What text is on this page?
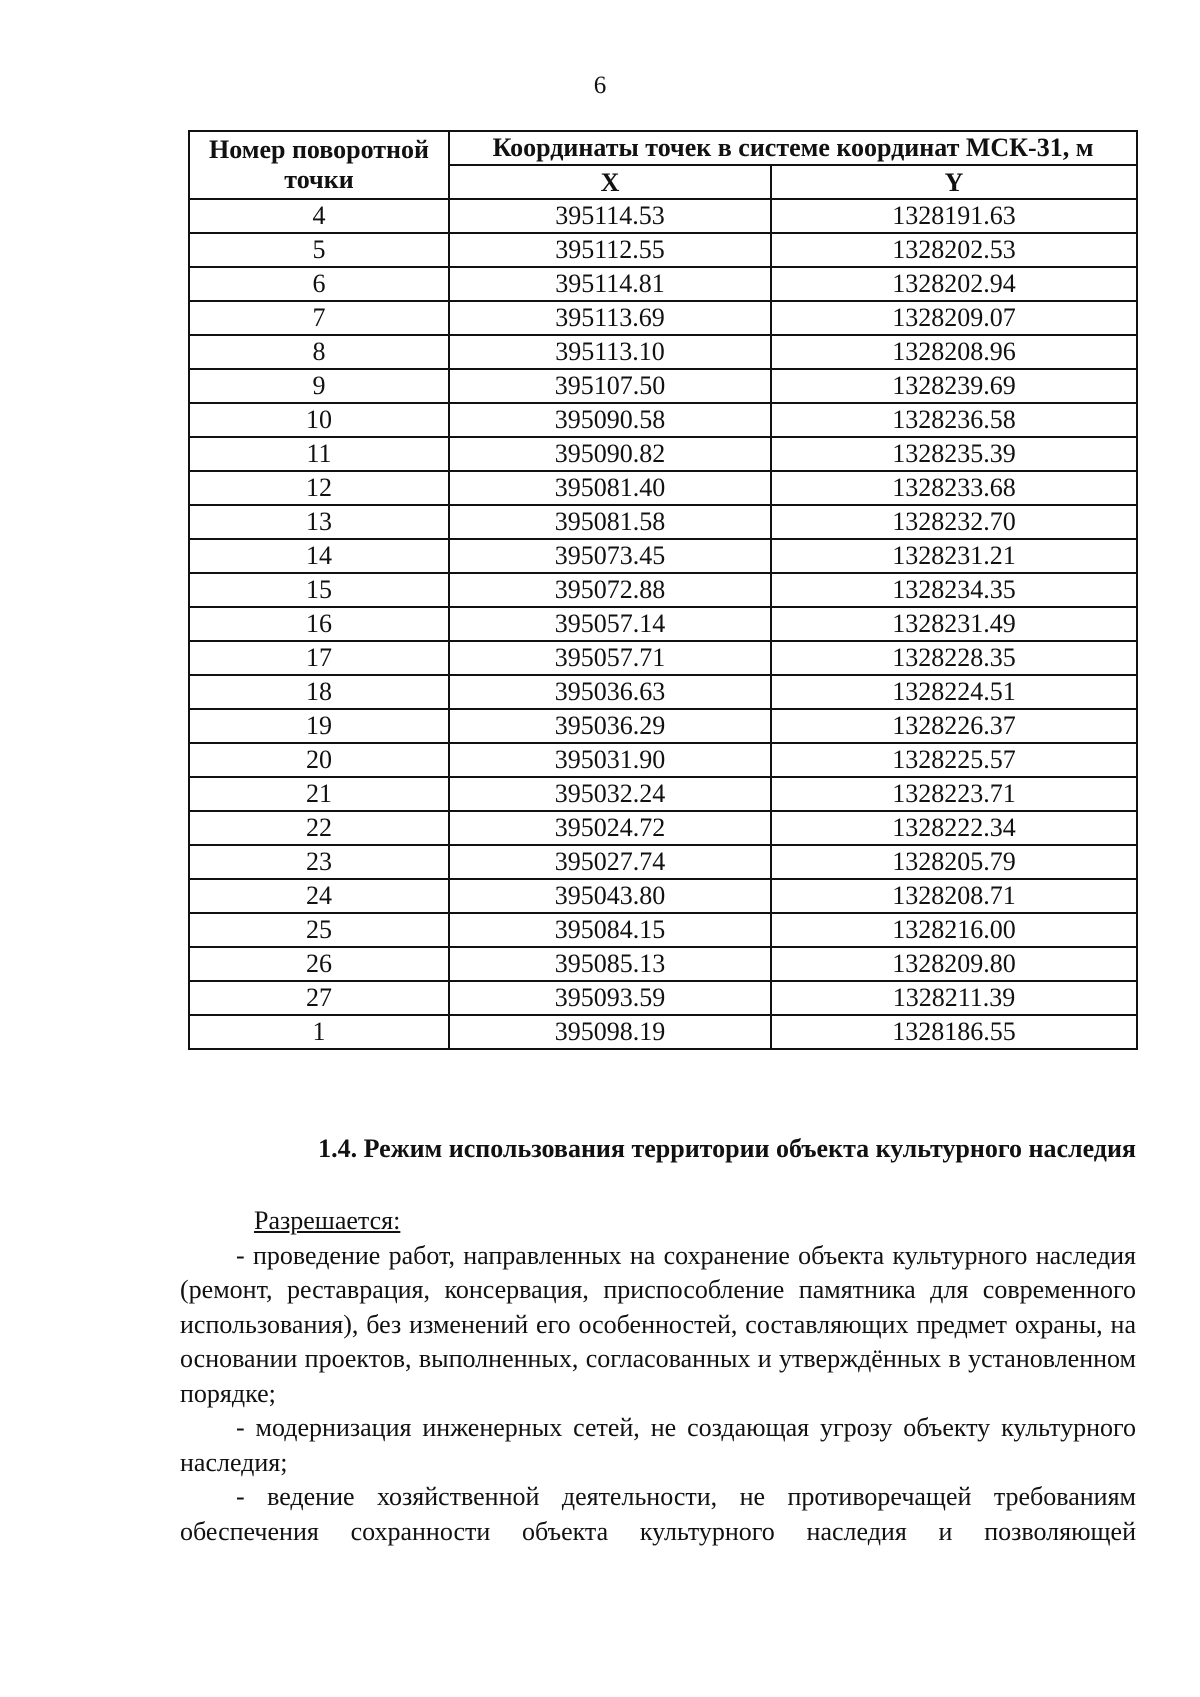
6
Номер поворотной точки	Координаты точек в системе координат МСК-31, м	
	X	Y
4	395114.53	1328191.63
5	395112.55	1328202.53
6	395114.81	1328202.94
7	395113.69	1328209.07
8	395113.10	1328208.96
9	395107.50	1328239.69
10	395090.58	1328236.58
11	395090.82	1328235.39
12	395081.40	1328233.68
13	395081.58	1328232.70
14	395073.45	1328231.21
15	395072.88	1328234.35
16	395057.14	1328231.49
17	395057.71	1328228.35
18	395036.63	1328224.51
19	395036.29	1328226.37
20	395031.90	1328225.57
21	395032.24	1328223.71
22	395024.72	1328222.34
23	395027.74	1328205.79
24	395043.80	1328208.71
25	395084.15	1328216.00
26	395085.13	1328209.80
27	395093.59	1328211.39
1	395098.19	1328186.55
1.4. Режим использования территории объекта культурного наследия

Разрешается:

- проведение работ, направленных на сохранение объекта культурного наследия (ремонт, реставрация, консервация, приспособление памятника для современного использования), без изменений его особенностей, составляющих предмет охраны, на основании проектов, выполненных, согласованных и утверждённых в установленном порядке;

- модернизация инженерных сетей, не создающая угрозу объекту культурного наследия;

- ведение хозяйственной деятельности, не противоречащей требованиям обеспечения сохранности объекта культурного наследия и позволяющей
